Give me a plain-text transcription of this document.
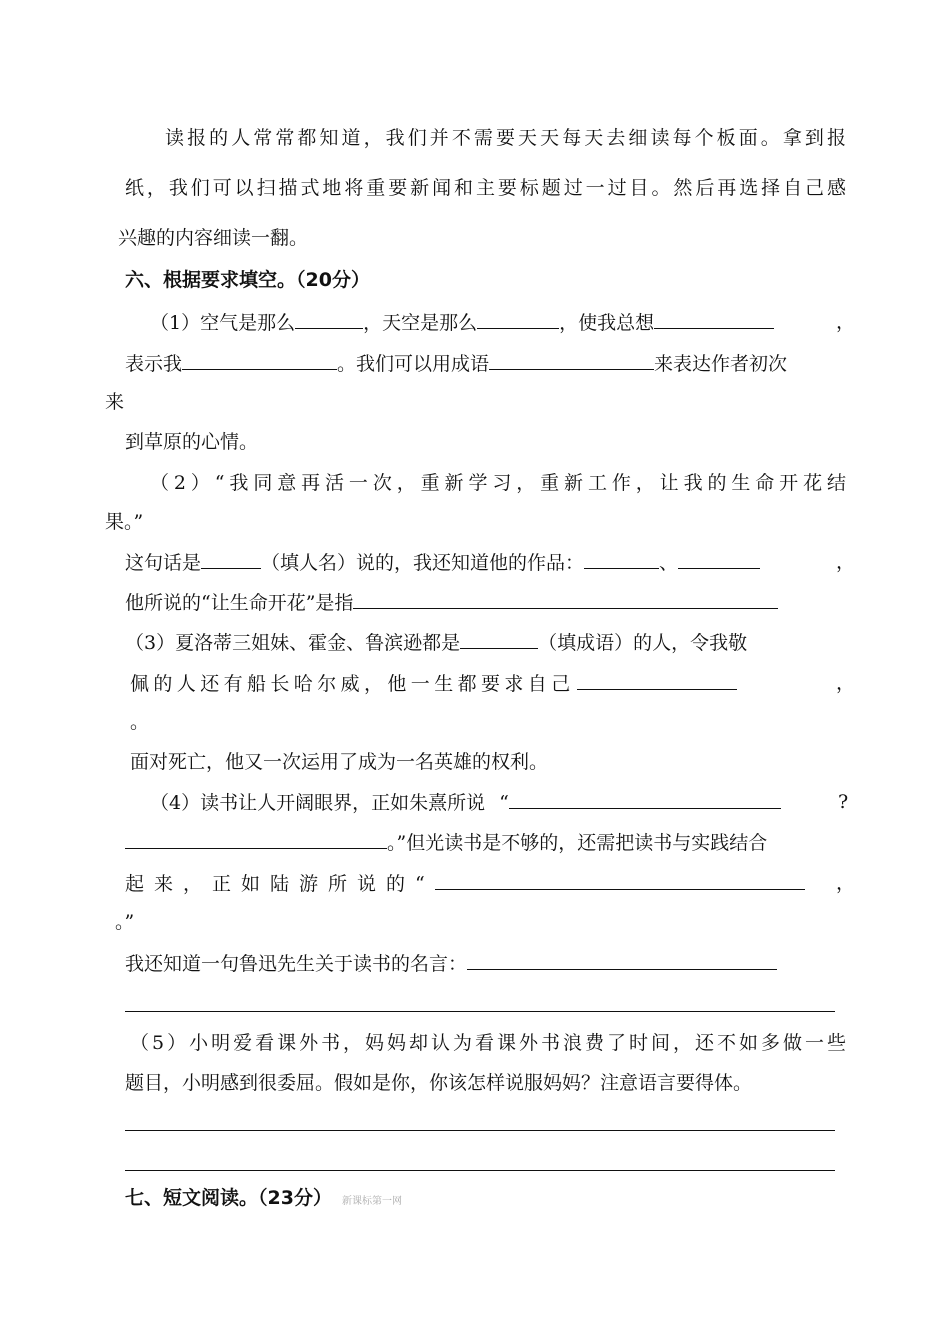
读报的人常常都知道，我们并不需要天天每天去细读每个板面。拿到报
纸，我们可以扫描式地将重要新闻和主要标题过一过目。然后再选择自己感
兴趣的内容细读一翻。
六、根据要求填空。（20分）
（1）空气是那么	，天空是那么	，使我总想	，
表示我	。我们可以用成语	来表达作者初次
来
到草原的心情。
（2）“我同意再活一次，重新学习，重新工作，让我的生命开花结
果。”
这句话是	（填人名）说的，我还知道他的作品：	、	，
他所说的“让生命开花”是指
（3）夏洛蒂三姐妹、霍金、鲁滨逊都是	（填成语）的人，令我敬
佩的人还有船长哈尔威，他一生都要求自己	，
。
面对死亡，他又一次运用了成为一名英雄的权利。
（4）读书让人开阔眼界，正如朱熹所说 “	?
。”但光读书是不够的，还需把读书与实践结合
起来，正如陆游所说的“	，
。”
我还知道一句鲁迅先生关于读书的名言：
（5）小明爱看课外书，妈妈却认为看课外书浪费了时间，还不如多做一些
题目，小明感到很委屈。假如是你，你该怎样说服妈妈？注意语言要得体。
七、短文阅读。（23分） 新课标第一网
